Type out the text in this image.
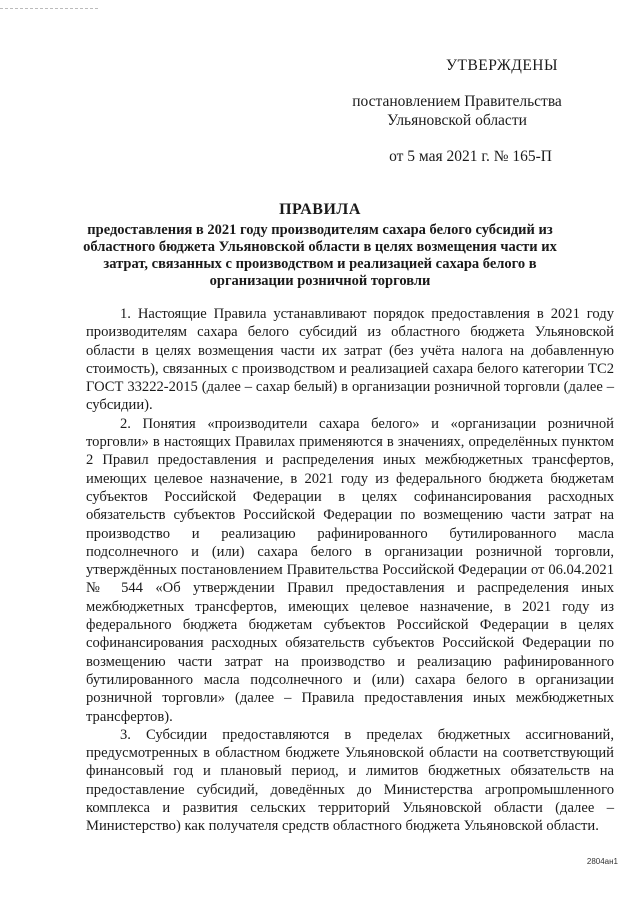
УТВЕРЖДЕНЫ
постановлением Правительства
Ульяновской области
от 5 мая 2021 г. № 165-П
ПРАВИЛА
предоставления в 2021 году производителям сахара белого субсидий из областного бюджета Ульяновской области в целях возмещения части их затрат, связанных с производством и реализацией сахара белого в организации розничной торговли

1. Настоящие Правила устанавливают порядок предоставления в 2021 году производителям сахара белого субсидий из областного бюджета Ульяновской области в целях возмещения части их затрат (без учёта налога на добавленную стоимость), связанных с производством и реализацией сахара белого категории ТС2 ГОСТ 33222-2015 (далее – сахар белый) в организации розничной торговли (далее – субсидии).

2. Понятия «производители сахара белого» и «организации розничной торговли» в настоящих Правилах применяются в значениях, определённых пунктом 2 Правил предоставления и распределения иных межбюджетных трансфертов, имеющих целевое назначение, в 2021 году из федерального бюджета бюджетам субъектов Российской Федерации в целях софинансирования расходных обязательств субъектов Российской Федерации по возмещению части затрат на производство и реализацию рафинированного бутилированного масла подсолнечного и (или) сахара белого в организации розничной торговли, утверждённых постановлением Правительства Российской Федерации от 06.04.2021 № 544 «Об утверждении Правил предоставления и распределения иных межбюджетных трансфертов, имеющих целевое назначение, в 2021 году из федерального бюджета бюджетам субъектов Российской Федерации в целях софинансирования расходных обязательств субъектов Российской Федерации по возмещению части затрат на производство и реализацию рафинированного бутилированного масла подсолнечного и (или) сахара белого в организации розничной торговли» (далее – Правила предоставления иных межбюджетных трансфертов).

3. Субсидии предоставляются в пределах бюджетных ассигнований, предусмотренных в областном бюджете Ульяновской области на соответствующий финансовый год и плановый период, и лимитов бюджетных обязательств на предоставление субсидий, доведённых до Министерства агропромышленного комплекса и развития сельских территорий Ульяновской области (далее – Министерство) как получателя средств областного бюджета Ульяновской области.

2804ан1
